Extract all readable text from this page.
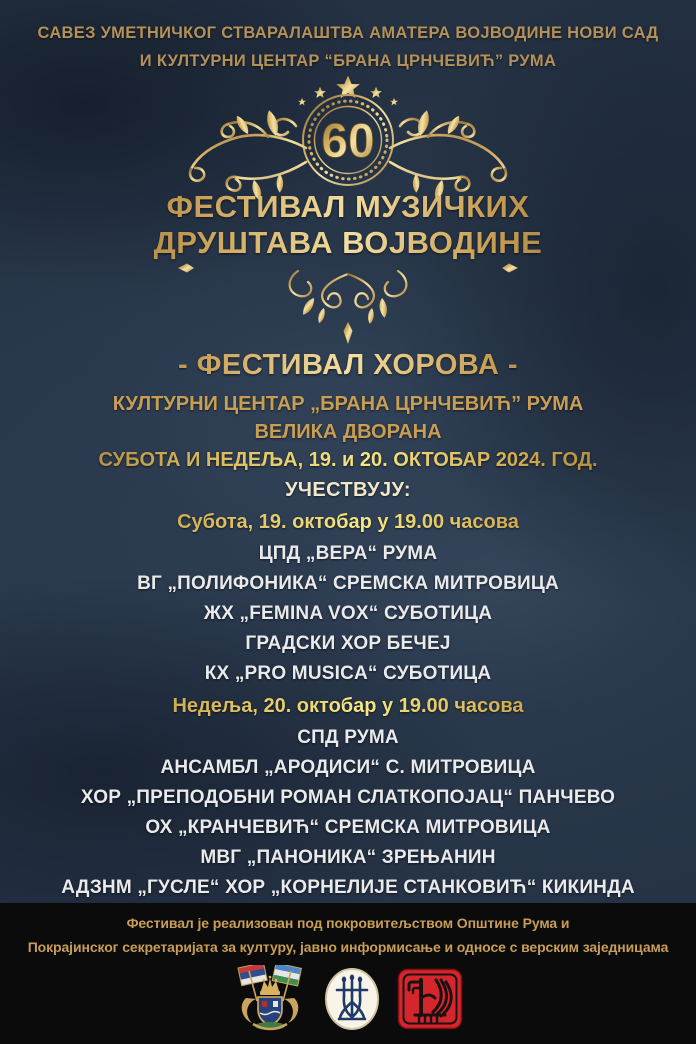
САВЕЗ УМЕТНИЧКОГ СТВАРАЛАШТВА АМАТЕРА ВОЈВОДИНЕ НОВИ САД
И КУЛТУРНИ ЦЕНТАР “БРАНА ЦРНЧЕВИЋ” РУМА
60
ФЕСТИВАЛ МУЗИЧКИХ
ДРУШТАВА ВОЈВОДИНЕ
- ФЕСТИВАЛ ХОРОВА -
КУЛТУРНИ ЦЕНТАР „БРАНА ЦРНЧЕВИЋ” РУМА
ВЕЛИКА ДВОРАНА
СУБОТА И НЕДЕЉА, 19. и 20. ОКТОБАР 2024. ГОД.
УЧЕСТВУЈУ:
Субота, 19. октобар у 19.00 часова
ЦПД „ВЕРА“ РУМА
ВГ „ПОЛИФОНИКА“ СРЕМСКА МИТРОВИЦА
ЖХ „FEMINA VOX“ СУБОТИЦА
ГРАДСКИ ХОР БЕЧЕЈ
КХ „PRO MUSICA“ СУБОТИЦА
Недеља, 20. октобар у 19.00 часова
СПД РУМА
АНСАМБЛ „АРОДИСИ“ С. МИТРОВИЦА
ХОР „ПРЕПОДОБНИ РОМАН СЛАТКОПОЈАЦ“ ПАНЧЕВО
ОХ „КРАНЧЕВИЋ“ СРЕМСКА МИТРОВИЦА
МВГ „ПАНОНИКА“ ЗРЕЊАНИН
АДЗНМ „ГУСЛЕ“ ХОР „КОРНЕЛИЈЕ СТАНКОВИЋ“ КИКИНДА
Фестивал је реализован под покровитељством Општине Рума и
Покрајинског секретаријата за културу, јавно информисање и односе с верским заједницама
